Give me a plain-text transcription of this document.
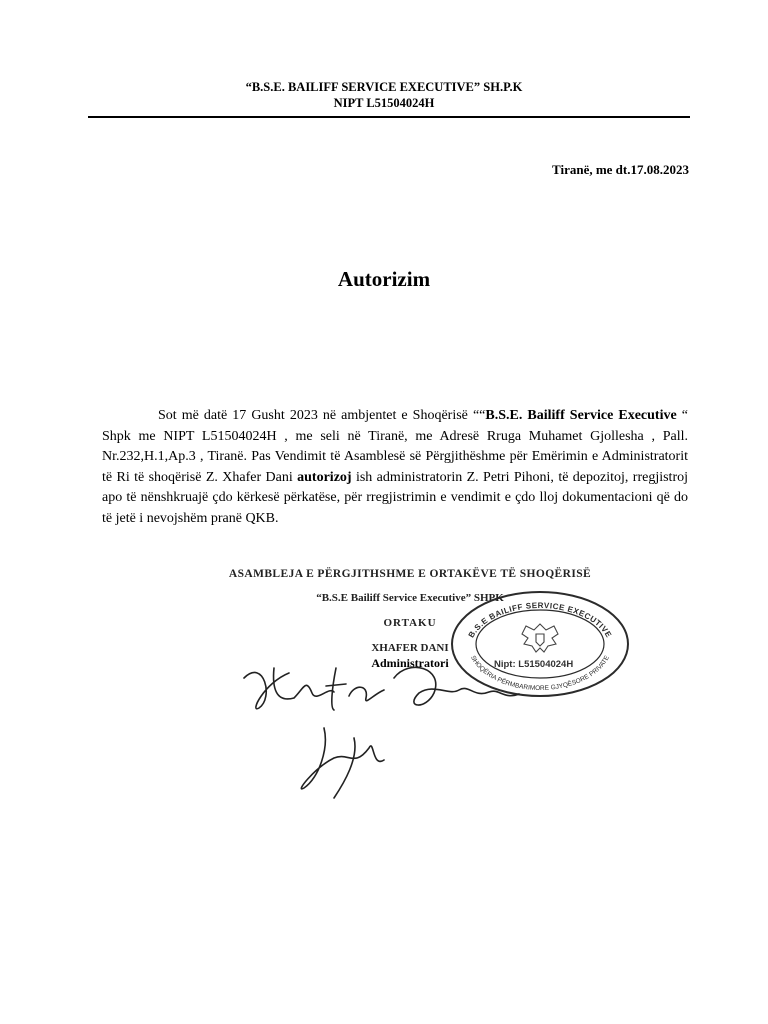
“B.S.E. BAILIFF SERVICE EXECUTIVE” SH.P.K
NIPT L51504024H
Tiranë, me dt.17.08.2023
Autorizim
Sot më datë 17 Gusht 2023 në ambjentet e Shoqërisë ““B.S.E. Bailiff Service Executive “ Shpk me NIPT L51504024H , me seli në Tiranë, me Adresë Rruga Muhamet Gjollesha , Pall. Nr.232,H.1,Ap.3 , Tiranë. Pas Vendimit të Asamblesë së Përgjithëshme për Emërimin e Administratorit të Ri të shoqërisë Z. Xhafer Dani autorizoj ish administratorin Z. Petri Pihoni, të depozitoj, rregjistroj apo të nënshkruajë çdo kërkesë përkatëse, për rregjistrimin e vendimit e çdo lloj dokumentacioni që do të jetë i nevojshëm pranë QKB.
ASAMBLEJA E PËRGJITHSHME E ORTAKËVE TË SHOQËRISË
“B.S.E Bailiff Service Executive” SHPK
ORTAKU
XHAFER DANI
Administratori
B.S.E BAILIFF SERVICE EXECUTIVE
SHOQËRIA PËRMBARIMORE GJYQËSORE PRIVATE
Nipt: L51504024H
